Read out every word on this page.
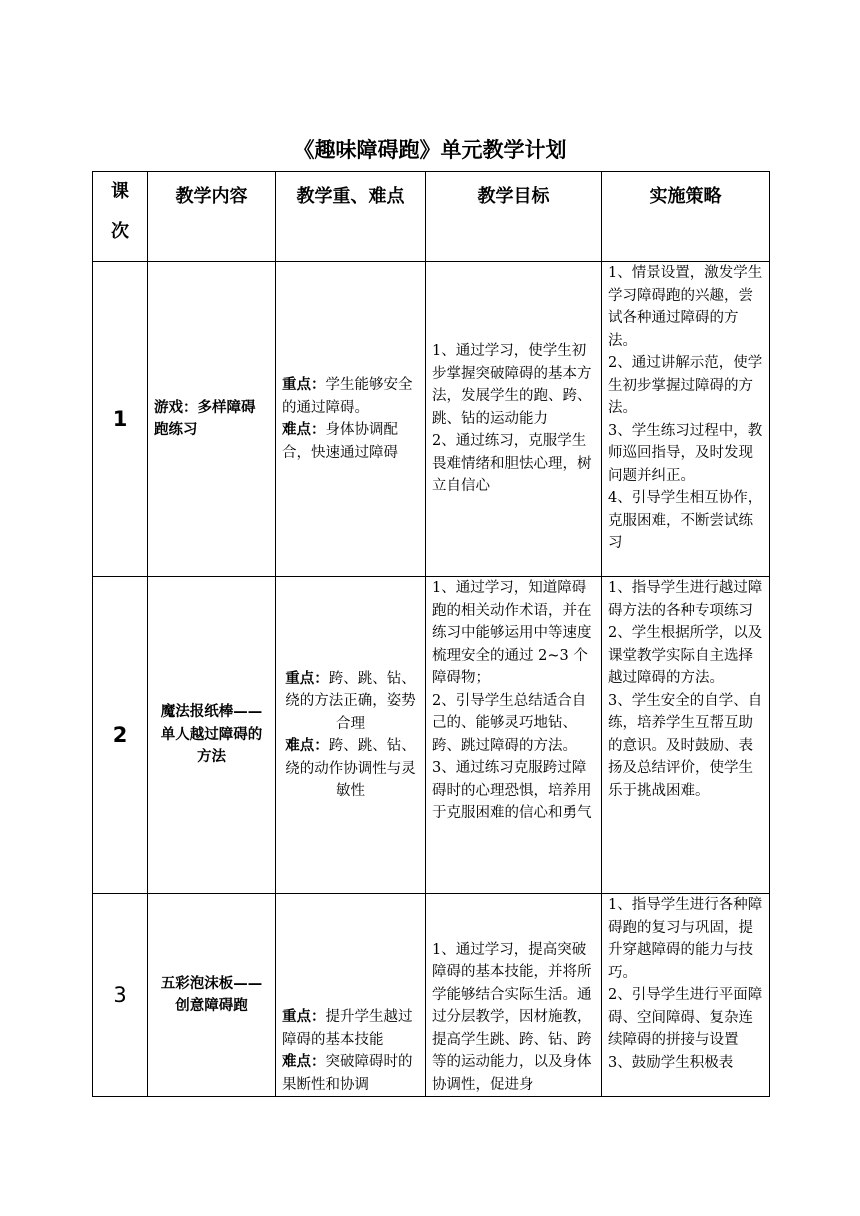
《趣味障碍跑》单元教学计划
课
次	教学内容	教学重、难点	教学目标	实施策略
1	游戏：多样障碍跑练习	重点：学生能够安全的通过障碍。
难点：身体协调配合，快速通过障碍	1、通过学习，使学生初步掌握突破障碍的基本方法，发展学生的跑、跨、跳、钻的运动能力
2、通过练习，克服学生畏难情绪和胆怯心理，树立自信心	1、情景设置，激发学生学习障碍跑的兴趣，尝试各种通过障碍的方法。
2、通过讲解示范，使学生初步掌握过障碍的方法。
3、学生练习过程中，教师巡回指导，及时发现问题并纠正。
4、引导学生相互协作，克服困难，不断尝试练习

2	魔法报纸棒——单人越过障碍的方法	重点：跨、跳、钻、绕的方法正确，姿势合理
难点：跨、跳、钻、绕的动作协调性与灵敏性	1、通过学习，知道障碍跑的相关动作术语，并在练习中能够运用中等速度梳理安全的通过 2~3 个障碍物；
2、引导学生总结适合自己的、能够灵巧地钻、跨、跳过障碍的方法。
3、通过练习克服跨过障碍时的心理恐惧，培养用于克服困难的信心和勇气	1、指导学生进行越过障碍方法的各种专项练习
2、学生根据所学，以及课堂教学实际自主选择越过障碍的方法。
3、学生安全的自学、自练，培养学生互帮互助的意识。及时鼓励、表扬及总结评价，使学生乐于挑战困难。

3	五彩泡沫板——创意障碍跑	重点：提升学生越过障碍的基本技能
难点：突破障碍时的果断性和协调	1、通过学习，提高突破障碍的基本技能，并将所学能够结合实际生活。通过分层教学，因材施教，提高学生跳、跨、钻、跨等的运动能力，以及身体协调性，促进身	1、指导学生进行各种障碍跑的复习与巩固，提升穿越障碍的能力与技巧。
2、引导学生进行平面障碍、空间障碍、复杂连续障碍的拼接与设置
3、鼓励学生积极表
